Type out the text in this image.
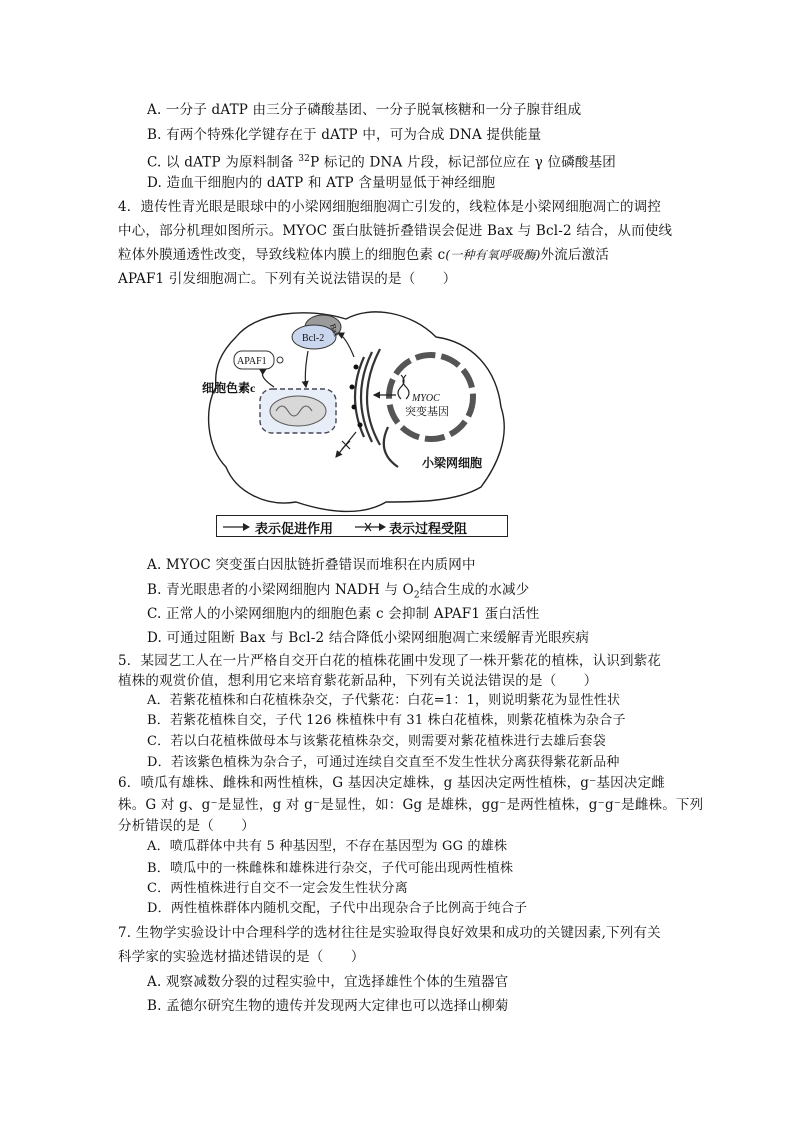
A. 一分子 dATP 由三分子磷酸基团、一分子脱氧核糖和一分子腺苷组成
B. 有两个特殊化学键存在于 dATP 中，可为合成 DNA 提供能量
C. 以 dATP 为原料制备 $^{32}$P 标记的 DNA 片段，标记部位应在 γ 位磷酸基团
D. 造血干细胞内的 dATP 和 ATP 含量明显低于神经细胞
4．遗传性青光眼是眼球中的小梁网细胞细胞凋亡引发的，线粒体是小梁网细胞凋亡的调控
中心，部分机理如图所示。MYOC 蛋白肽链折叠错误会促进 Bax 与 Bcl-2 结合，从而使线
粒体外膜通透性改变，导致线粒体内膜上的细胞色素 c(一种有氧呼吸酶)外流后激活
APAF1 引发细胞凋亡。下列有关说法错误的是（　　）
Bcl-2
Bax
APAF1
细胞色素c
MYOC
突变基因
小梁网细胞
表示促进作用	表示过程受阻
A. MYOC 突变蛋白因肽链折叠错误而堆积在内质网中
B. 青光眼患者的小梁网细胞内 NADH 与 $O_2$结合生成的水减少
C. 正常人的小梁网细胞内的细胞色素 c 会抑制 APAF1 蛋白活性
D. 可通过阻断 Bax 与 Bcl-2 结合降低小梁网细胞凋亡来缓解青光眼疾病
5．某园艺工人在一片严格自交开白花的植株花圃中发现了一株开紫花的植株，认识到紫花
植株的观赏价值，想利用它来培育紫花新品种，下列有关说法错误的是（　　）
A．若紫花植株和白花植株杂交，子代紫花：白花=1：1，则说明紫花为显性性状
B．若紫花植株自交，子代 126 株植株中有 31 株白花植株，则紫花植株为杂合子
C．若以白花植株做母本与该紫花植株杂交，则需要对紫花植株进行去雄后套袋
D．若该紫色植株为杂合子，可通过连续自交直至不发生性状分离获得紫花新品种
6．喷瓜有雄株、雌株和两性植株，G 基因决定雄株，g 基因决定两性植株，g⁻基因决定雌
株。G 对 g、g⁻是显性，g 对 g⁻是显性，如：Gg 是雄株，gg⁻是两性植株，g⁻g⁻是雌株。下列
分析错误的是（　　）
A．喷瓜群体中共有 5 种基因型，不存在基因型为 GG 的雄株
B．喷瓜中的一株雌株和雄株进行杂交，子代可能出现两性植株
C．两性植株进行自交不一定会发生性状分离
D．两性植株群体内随机交配，子代中出现杂合子比例高于纯合子
7. 生物学实验设计中合理科学的选材往往是实验取得良好效果和成功的关键因素,下列有关
科学家的实验选材描述错误的是（　　）
A. 观察减数分裂的过程实验中，宜选择雄性个体的生殖器官
B. 孟德尔研究生物的遗传并发现两大定律也可以选择山柳菊
